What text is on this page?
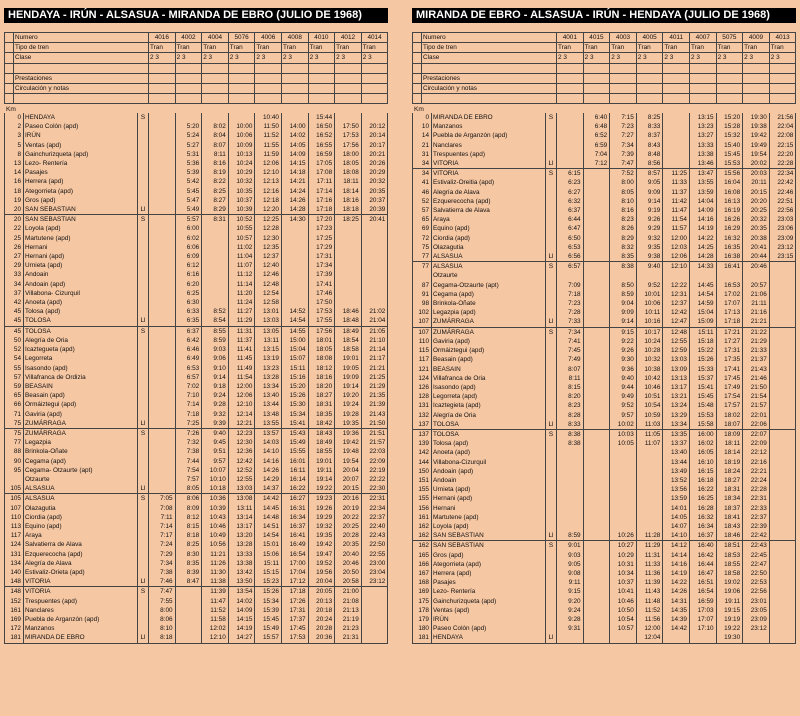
HENDAYA - IRÚN - ALSASUA - MIRANDA DE EBRO (JULIO DE 1968)
	Numero	4016	4002	4004	5076	4006	4008	4010	4012	4014
	Tipo de tren	Tran	Tran	Tran	Tran	Tran	Tran	Tran	Tran	Tran
	Clase	2 3	2 3	2 3	2 3	2 3	2 3	2 3	2 3	2 3

	Prestaciones									
	Circulación y notas									

Km
0	HENDAYA	S					10:40		15:44		
2	Paseo Colón (apd)			5:20	8:02	10:00	11:50	14:00	16:50	17:50	20:12
3	IRÚN			5:24	8:04	10:06	11:52	14:02	16:52	17:53	20:14
5	Ventas (apd)			5:27	8:07	10:09	11:55	14:05	16:55	17:56	20:17
8	Gainchurizqueta (apd)			5:31	8:11	10:13	11:59	14:09	16:59	18:00	20:21
13	Lezo- Rentería			5:36	8:16	10:24	12:06	14:15	17:05	18:05	20:26
14	Pasajes			5:39	8:19	10:29	12:10	14:18	17:08	18:08	20:29
16	Herrera (apd)			5:42	8:22	10:32	12:13	14:21	17:11	18:11	20:32
18	Ategorrieta (apd)			5:45	8:25	10:35	12:16	14:24	17:14	18:14	20:35
19	Gros (apd)			5:47	8:27	10:37	12:18	14:26	17:16	18:16	20:37
20	SAN SEBASTIAN	Ll		5:49	8:29	10:39	12:20	14:28	17:18	18:18	20:39
20	SAN SEBASTIAN	S		5:57	8:31	10:52	12:25	14:30	17:20	18:25	20:41
22	Loyola (apd)			6:00		10:55	12:28		17:23		
25	Martutene (apd)			6:02		10:57	12:30		17:25		
26	Hernani			6:06		11:02	12:35		17:29		
27	Hernani (apd)			6:09		11:04	12:37		17:31		
29	Urnieta (apd)			6:12		11:07	12:40		17:34		
33	Andoain			6:16		11:12	12:46		17:39		
34	Andoain (apd)			6:20		11:14	12:48		17:41		
37	Villabona- Cizurquil			6:25		11:20	12:54		17:46		
42	Anoeta (apd)			6:30		11:24	12:58		17:50		
45	Tolosa (apd)			6:33	8:52	11:27	13:01	14:52	17:53	18:46	21:02
45	TOLOSA	Ll		6:35	8:54	11:29	13:03	14:54	17:55	18:48	21:04
45	TOLOSA	S		6:37	8:55	11:31	13:05	14:55	17:56	18:49	21:05
50	Alegría de Oria			6:42	8:59	11:37	13:11	15:00	18:01	18:54	21:10
52	Icaztegueta (apd)			6:46	9:03	11:41	13:15	15:04	18:05	18:58	21:14
54	Legorreta			6:49	9:06	11:45	13:19	15:07	18:08	19:01	21:17
55	Isasondo (apd)			6:53	9:10	11:49	13:23	15:11	18:12	19:05	21:21
57	Villafranca de Ordizia			6:57	9:14	11:54	13:28	15:16	18:16	19:09	21:25
59	BEASAIN			7:02	9:18	12:00	13:34	15:20	18:20	19:14	21:29
65	Beasain (apd)			7:10	9:24	12:06	13:40	15:26	18:27	19:20	21:35
66	Ormáiztegui (apd)			7:14	9:28	12:10	13:44	15:30	18:31	19:24	21:39
71	Gaviria (apd)			7:18	9:32	12:14	13:48	15:34	18:35	19:28	21:43
75	ZUMÁRRAGA	Ll		7:25	9:39	12:21	13:55	15:41	18:42	19:35	21:50
75	ZUMÁRRAGA	S		7:26	9:40	12:23	13:57	15:43	18:43	19:36	21:51
77	Legazpia			7:32	9:45	12:30	14:03	15:49	18:49	19:42	21:57
88	Brinkola-Oñate			7:38	9:51	12:36	14:10	15:55	18:55	19:48	22:03
90	Cegama (apd)			7:44	9:57	12:42	14:16	16:01	19:01	19:54	22:09
95	Cegama- Otzaurte (apt)			7:54	10:07	12:52	14:26	16:11	19:11	20:04	22:19
	Otzaurte			7:57	10:10	12:55	14:29	16:14	19:14	20:07	22:22
105	ALSASUA	Ll		8:05	10:18	13:03	14:37	16:22	19:22	20:15	22:30
105	ALSASUA	S	7:05	8:06	10:36	13:08	14:42	16:27	19:23	20:16	22:31
107	Olazagutia		7:08	8:09	10:39	13:11	14:45	16:31	19:26	20:19	22:34
110	Ciordia (apd)		7:11	8:12	10:43	13:14	14:48	16:34	19:29	20:22	22:37
113	Equino (apd)		7:14	8:15	10:46	13:17	14:51	16:37	19:32	20:25	22:40
117	Araya		7:17	8:18	10:49	13:20	14:54	16:41	19:35	20:28	22:43
124	Salvatierra de Alava		7:24	8:25	10:56	13:28	15:01	16:49	19:42	20:35	22:50
131	Ezquerecocha (apd)		7:29	8:30	11:21	13:33	15:06	16:54	19:47	20:40	22:55
134	Alegría de Alava		7:34	8:35	11:26	13:38	15:11	17:00	19:52	20:46	23:00
140	Estivaliz-Orieta (apd)		7:38	8:39	11:30	13:42	15:15	17:04	19:56	20:50	23:04
148	VITORIA	Ll	7:46	8:47	11:38	13:50	15:23	17:12	20:04	20:58	23:12
148	VITORIA	S	7:47		11:39	13:54	15:26	17:18	20:05	21:00	
152	Trespuentes (apd)		7:55		11:47	14:02	15:34	17:26	20:13	21:08	
161	Nanclares		8:00		11:52	14:09	15:39	17:31	20:18	21:13	
169	Puebla de Arganzón (apd)		8:06		11:58	14:15	15:45	17:37	20:24	21:19	
172	Manzanos		8:10		12:02	14:19	15:49	17:45	20:28	21:23	
181	MIRANDA DE EBRO	Ll	8:18		12:10	14:27	15:57	17:53	20:36	21:31	
MIRANDA DE EBRO - ALSASUA - IRÚN - HENDAYA (JULIO DE 1968)
	Numero	4001	4015	4003	4005	4011	4007	5075	4009	4013
	Tipo de tren	Tran	Tran	Tran	Tran	Tran	Tran	Tran	Tran	Tran
	Clase	2 3	2 3	2 3	2 3	2 3	2 3	2 3	2 3	2 3

	Prestaciones									
	Circulación y notas									

Km
0	MIRANDA DE EBRO	S		6:40	7:15	8:25		13:15	15:20	19:30	21:56
10	Manzanos			6:48	7:23	8:33		13:23	15:28	19:38	22:04
14	Puebla de Arganzón (apd)			6:52	7:27	8:37		13:27	15:32	19:42	22:08
21	Nanclares			6:59	7:34	8:43		13:33	15:40	19:49	22:15
31	Trespuentes (apd)			7:04	7:39	8:48		13:38	15:45	19:54	22:20
34	VITORIA	Ll		7:12	7:47	8:56		13:46	15:53	20:02	22:28
34	VITORIA	S	6:15		7:52	8:57	11:25	13:47	15:56	20:03	22:34
41	Estivaliz-Oreitia (apd)		6:23		8:00	9:05	11:33	13:55	16:04	20:11	22:42
46	Alegría de Alava		6:27		8:05	9:09	11:37	13:59	16:08	20:15	22:46
52	Ezquerecocha (apd)		6:32		8:10	9:14	11:42	14:04	16:13	20:20	22:51
57	Salvatierra de Alava		6:37		8:16	9:19	11:47	14:09	16:19	20:25	22:56
65	Araya		6:44		8:23	9:26	11:54	14:16	16:26	20:32	23:03
69	Equino (apd)		6:47		8:26	9:29	11:57	14:19	16:29	20:35	23:06
72	Ciordia (apd)		6:50		8:29	9:32	12:00	14:22	16:32	20:38	23:09
75	Olazagutia		6:53		8:32	9:35	12:03	14:25	16:35	20:41	23:12
77	ALSASUA	Ll	6:56		8:35	9:38	12:06	14:28	16:38	20:44	23:15
77	ALSASUA	S	6:57		8:38	9:40	12:10	14:33	16:41	20:46	
	Otzaurte										
87	Cegama-Otzaurte (apt)		7:09		8:50	9:52	12:22	14:45	16:53	20:57	
91	Cegama (apd)		7:18		8:59	10:01	12:31	14:54	17:02	21:06	
98	Brinkola-Oñate		7:23		9:04	10:06	12:37	14:59	17:07	21:11	
102	Legazpia (apd)		7:28		9:09	10:11	12:42	15:04	17:13	21:16	
107	ZUMÁRRAGA	Ll	7:33		9:14	10:16	12:47	15:09	17:18	21:21	
107	ZUMÁRRAGA	S	7:34		9:15	10:17	12:48	15:11	17:21	21:22	
110	Gaviria (apd)		7:41		9:22	10:24	12:55	15:18	17:27	21:29	
115	Ormáiztegui (apd)		7:45		9:26	10:28	12:59	15:22	17:31	21:33	
117	Beasain (apd)		7:49		9:30	10:32	13:03	15:26	17:35	21:37	
121	BEASAIN		8:07		9:36	10:38	13:09	15:33	17:41	21:43	
124	Villafranca de Oria		8:11		9:40	10:42	13:13	15:37	17:45	21:46	
126	Isasondo (apd)		8:15		9:44	10:46	13:17	15:41	17:49	21:50	
128	Legorreta (apd)		8:20		9:49	10:51	13:21	15:45	17:54	21:54	
131	Icaztegieta (apd)		8:23		9:52	10:54	13:24	15:48	17:57	21:57	
132	Alegría de Oria		8:28		9:57	10:59	13:29	15:53	18:02	22:01	
137	TOLOSA	Ll	8:33		10:02	11:03	13:34	15:58	18:07	22:06	
137	TOLOSA	S	8:38		10:03	11:05	13:35	16:00	18:09	22:07	
139	Tolosa (apd)		8:38		10:05	11:07	13:37	16:02	18:11	22:09	
142	Anoeta (apd)						13:40	16:05	18:14	22:12	
144	Villabona-Cizurquil						13:44	16:10	18:19	22:16	
150	Andoain (apd)						13:49	16:15	18:24	22:21	
151	Andoain						13:52	16:18	18:27	22:24	
155	Urnieta (apd)						13:56	16:22	18:31	22:28	
155	Hernani (apd)						13:59	16:25	18:34	22:31	
156	Hernani						14:01	16:28	18:37	22:33	
161	Martutene (apd)						14:05	16:32	18:41	22:37	
162	Loyola (apd)						14:07	16:34	18:43	22:39	
162	SAN SEBASTIAN	Ll	8:59		10:26	11:28	14:10	16:37	18:46	22:42	
162	SAN SEBASTIAN	S	9:01		10:27	11:29	14:12	16:40	18:51	22:43	
165	Gros (apd)		9:03		10:29	11:31	14:14	16:42	18:53	22:45	
166	Ategorrieta (apd)		9:05		10:31	11:33	14:16	16:44	18:55	22:47	
167	Herrera (apd)		9:08		10:34	11:36	14:19	16:47	18:58	22:50	
168	Pasajes		9:11		10:37	11:39	14:22	16:51	19:02	22:53	
169	Lezo- Rentería		9:15		10:41	11:43	14:26	16:54	19:06	22:56	
175	Gainchurizqueta (apd)		9:20		10:46	11:48	14:31	16:59	19:11	23:01	
178	Ventas (apd)		9:24		10:50	11:52	14:35	17:03	19:15	23:05	
179	IRÚN		9:28		10:54	11:56	14:39	17:07	19:19	23:09	
180	Paseo Colón (apd)		9:31		10:57	12:00	14:42	17:10	19:22	23:12	
181	HENDAYA	Ll				12:04			19:30		
